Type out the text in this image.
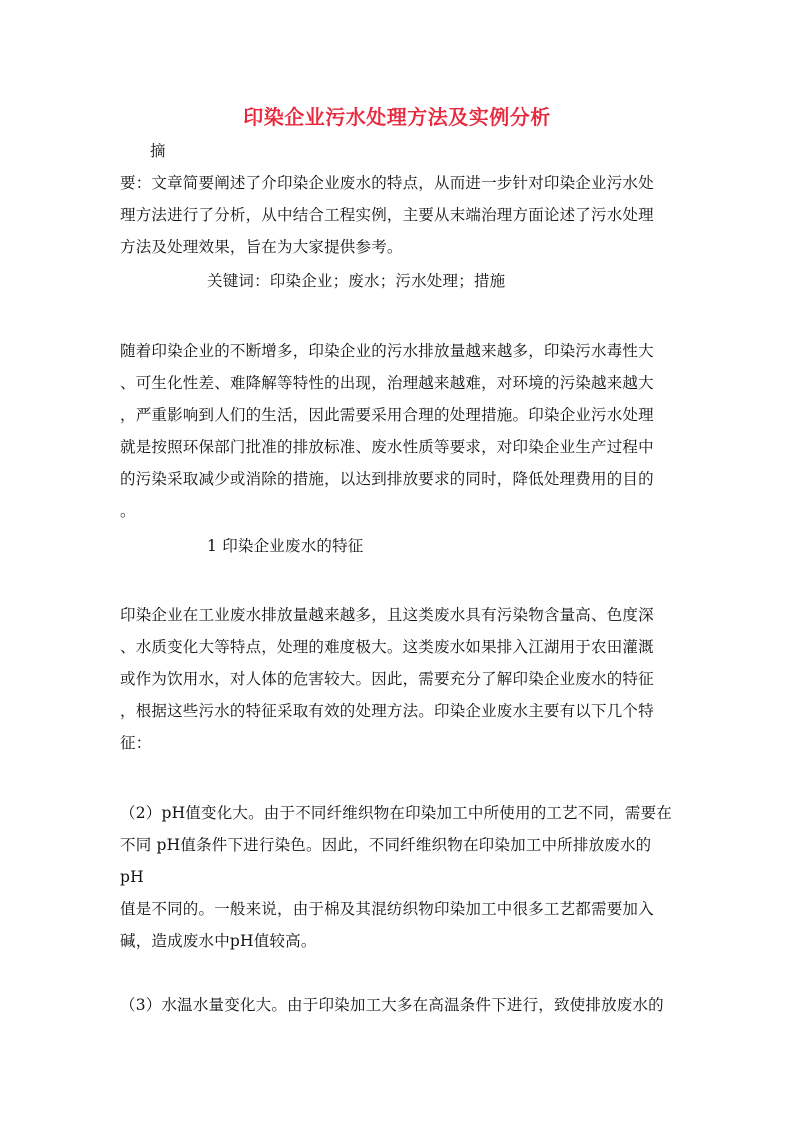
印染企业污水处理方法及实例分析
摘
要：文章简要阐述了介印染企业废水的特点，从而进一步针对印染企业污水处
理方法进行了分析，从中结合工程实例，主要从末端治理方面论述了污水处理
方法及处理效果，旨在为大家提供参考。
关键词：印染企业；废水；污水处理；措施
随着印染企业的不断增多，印染企业的污水排放量越来越多，印染污水毒性大
、可生化性差、难降解等特性的出现，治理越来越难，对环境的污染越来越大
，严重影响到人们的生活，因此需要采用合理的处理措施。印染企业污水处理
就是按照环保部门批准的排放标准、废水性质等要求，对印染企业生产过程中
的污染采取减少或消除的措施，以达到排放要求的同时，降低处理费用的目的
。
1 印染企业废水的特征
印染企业在工业废水排放量越来越多，且这类废水具有污染物含量高、色度深
、水质变化大等特点，处理的难度极大。这类废水如果排入江湖用于农田灌溉
或作为饮用水，对人体的危害较大。因此，需要充分了解印染企业废水的特征
，根据这些污水的特征采取有效的处理方法。印染企业废水主要有以下几个特
征：
（2）pH值变化大。由于不同纤维织物在印染加工中所使用的工艺不同，需要在
不同 pH值条件下进行染色。因此，不同纤维织物在印染加工中所排放废水的
pH
值是不同的。一般来说，由于棉及其混纺织物印染加工中很多工艺都需要加入
碱，造成废水中pH值较高。
（3）水温水量变化大。由于印染加工大多在高温条件下进行，致使排放废水的
